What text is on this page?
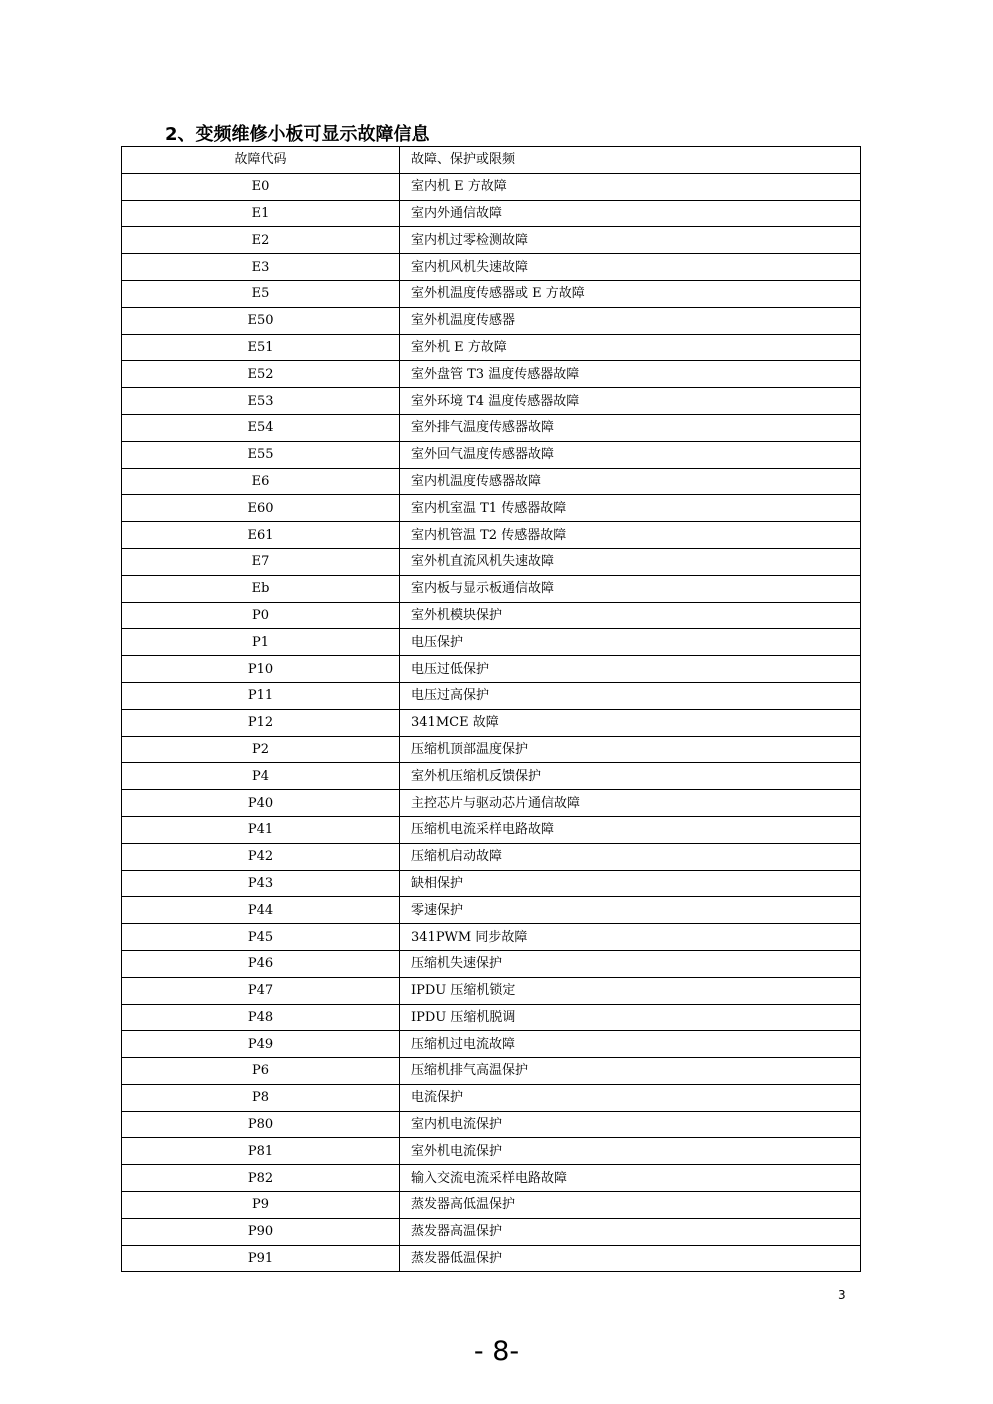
2、变频维修小板可显示故障信息
故障代码	故障、保护或限频
E0	室内机 E 方故障
E1	室内外通信故障
E2	室内机过零检测故障
E3	室内机风机失速故障
E5	室外机温度传感器或 E 方故障
E50	室外机温度传感器
E51	室外机 E 方故障
E52	室外盘管 T3 温度传感器故障
E53	室外环境 T4 温度传感器故障
E54	室外排气温度传感器故障
E55	室外回气温度传感器故障
E6	室内机温度传感器故障
E60	室内机室温 T1 传感器故障
E61	室内机管温 T2 传感器故障
E7	室外机直流风机失速故障
Eb	室内板与显示板通信故障
P0	室外机模块保护
P1	电压保护
P10	电压过低保护
P11	电压过高保护
P12	341MCE 故障
P2	压缩机顶部温度保护
P4	室外机压缩机反馈保护
P40	主控芯片与驱动芯片通信故障
P41	压缩机电流采样电路故障
P42	压缩机启动故障
P43	缺相保护
P44	零速保护
P45	341PWM 同步故障
P46	压缩机失速保护
P47	IPDU 压缩机锁定
P48	IPDU 压缩机脱调
P49	压缩机过电流故障
P6	压缩机排气高温保护
P8	电流保护
P80	室内机电流保护
P81	室外机电流保护
P82	输入交流电流采样电路故障
P9	蒸发器高低温保护
P90	蒸发器高温保护
P91	蒸发器低温保护
3
- 8-
